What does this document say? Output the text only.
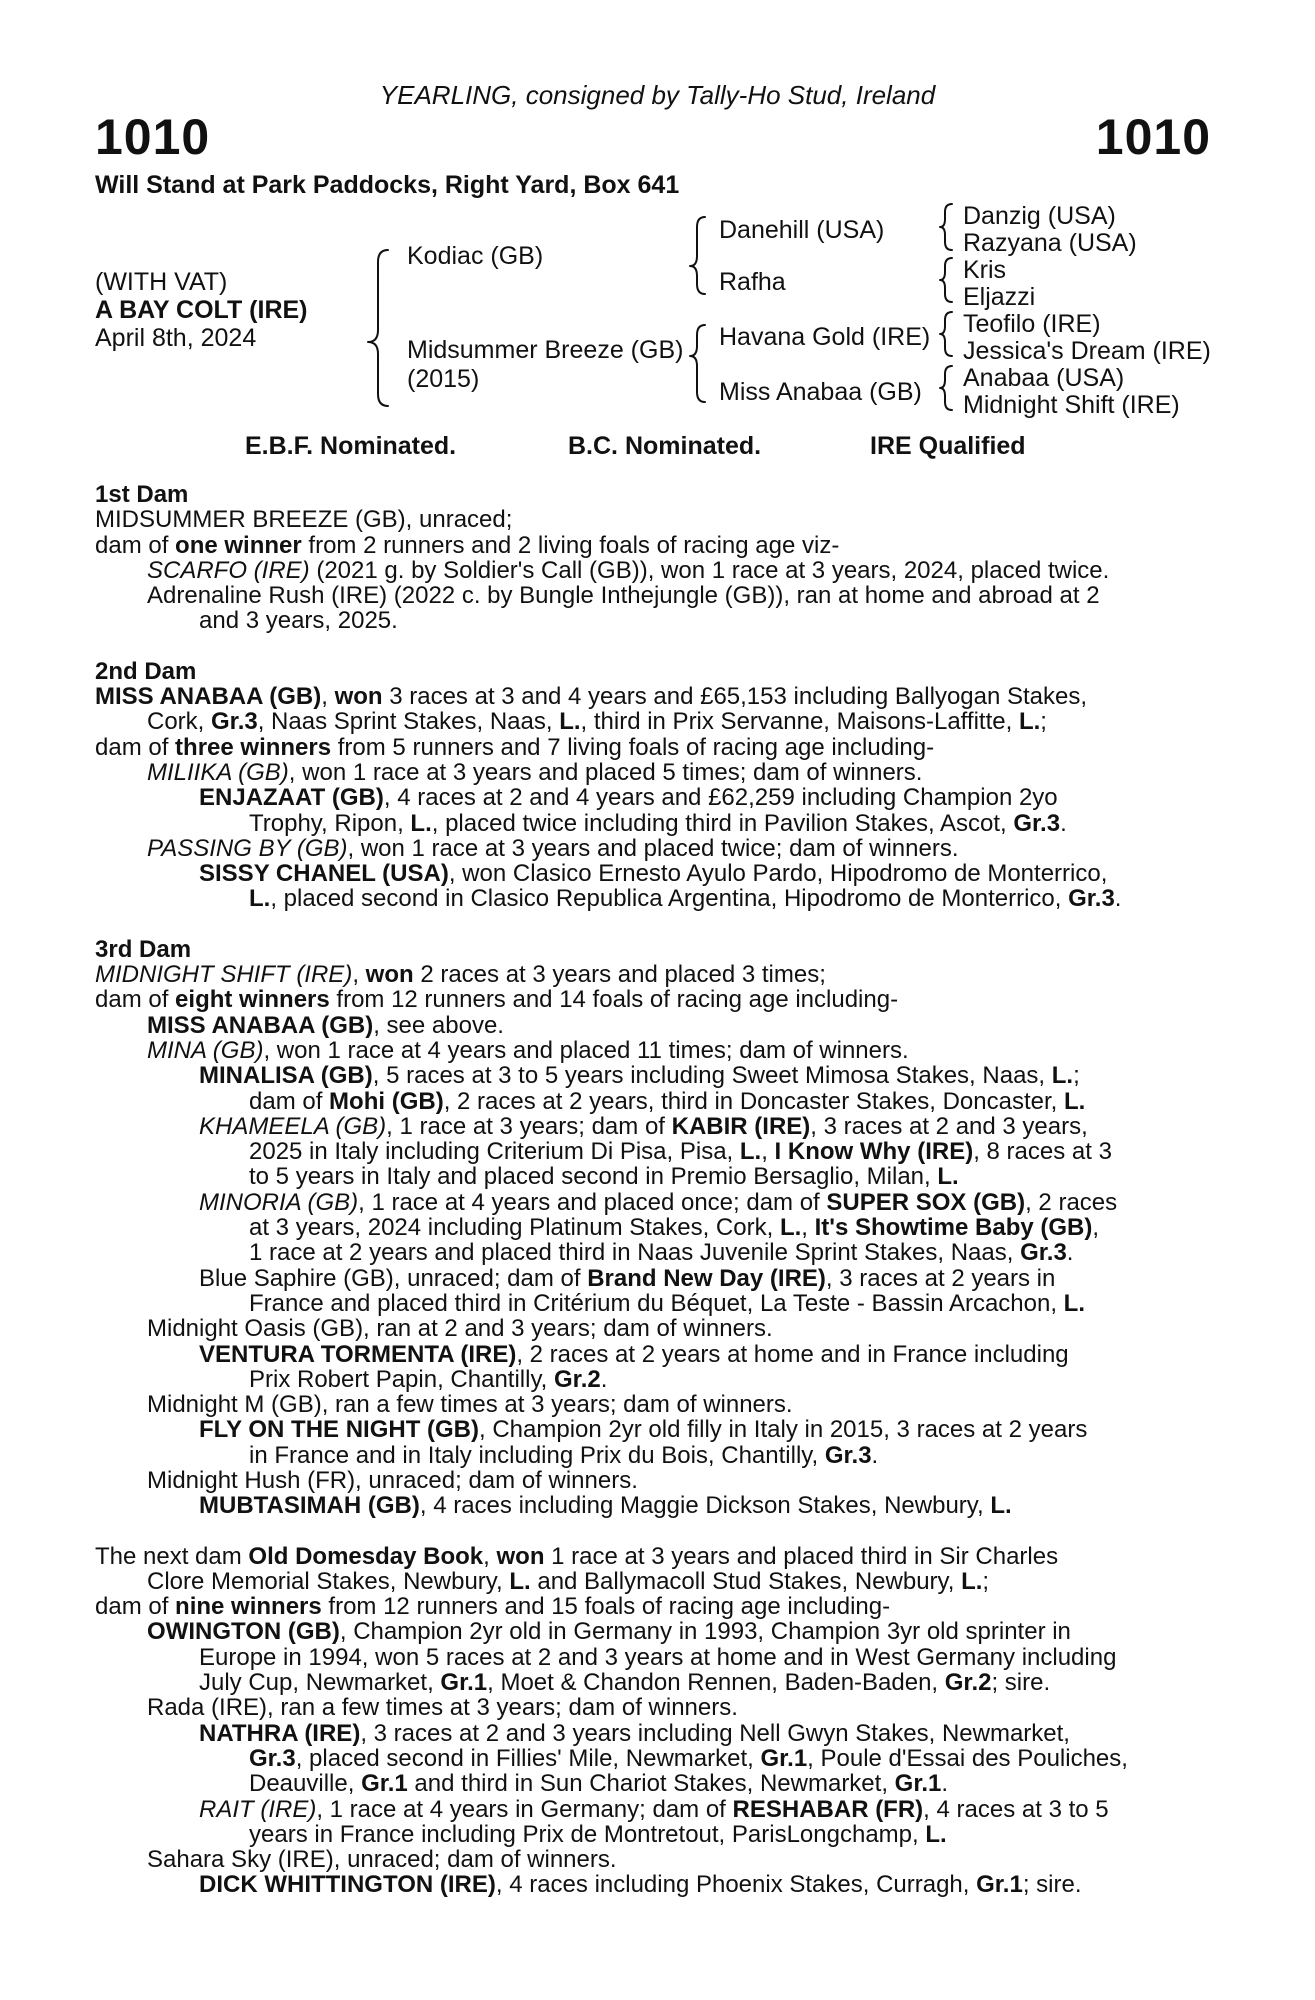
YEARLING, consigned by Tally-Ho Stud, Ireland
1010	1010
Will Stand at Park Paddocks, Right Yard, Box 641
(WITH VAT)
A BAY COLT (IRE)
April 8th, 2024
Kodiac (GB)
Midsummer Breeze (GB)
(2015)
Danehill (USA)
Rafha
Havana Gold (IRE)
Miss Anabaa (GB)
Danzig (USA)
Razyana (USA)
Kris
Eljazzi
Teofilo (IRE)
Jessica's Dream (IRE)
Anabaa (USA)
Midnight Shift (IRE)
E.B.F. Nominated.	B.C. Nominated.	IRE Qualified
1st Dam
MIDSUMMER BREEZE (GB), unraced;
dam of one winner from 2 runners and 2 living foals of racing age viz-
SCARFO (IRE) (2021 g. by Soldier's Call (GB)), won 1 race at 3 years, 2024, placed twice.
Adrenaline Rush (IRE) (2022 c. by Bungle Inthejungle (GB)), ran at home and abroad at 2
and 3 years, 2025.
2nd Dam
MISS ANABAA (GB), won 3 races at 3 and 4 years and £65,153 including Ballyogan Stakes,
Cork, Gr.3, Naas Sprint Stakes, Naas, L., third in Prix Servanne, Maisons-Laffitte, L.;
dam of three winners from 5 runners and 7 living foals of racing age including-
MILIIKA (GB), won 1 race at 3 years and placed 5 times; dam of winners.
ENJAZAAT (GB), 4 races at 2 and 4 years and £62,259 including Champion 2yo
Trophy, Ripon, L., placed twice including third in Pavilion Stakes, Ascot, Gr.3.
PASSING BY (GB), won 1 race at 3 years and placed twice; dam of winners.
SISSY CHANEL (USA), won Clasico Ernesto Ayulo Pardo, Hipodromo de Monterrico,
L., placed second in Clasico Republica Argentina, Hipodromo de Monterrico, Gr.3.
3rd Dam
MIDNIGHT SHIFT (IRE), won 2 races at 3 years and placed 3 times;
dam of eight winners from 12 runners and 14 foals of racing age including-
MISS ANABAA (GB), see above.
MINA (GB), won 1 race at 4 years and placed 11 times; dam of winners.
MINALISA (GB), 5 races at 3 to 5 years including Sweet Mimosa Stakes, Naas, L.;
dam of Mohi (GB), 2 races at 2 years, third in Doncaster Stakes, Doncaster, L.
KHAMEELA (GB), 1 race at 3 years; dam of KABIR (IRE), 3 races at 2 and 3 years,
2025 in Italy including Criterium Di Pisa, Pisa, L., I Know Why (IRE), 8 races at 3
to 5 years in Italy and placed second in Premio Bersaglio, Milan, L.
MINORIA (GB), 1 race at 4 years and placed once; dam of SUPER SOX (GB), 2 races
at 3 years, 2024 including Platinum Stakes, Cork, L., It's Showtime Baby (GB),
1 race at 2 years and placed third in Naas Juvenile Sprint Stakes, Naas, Gr.3.
Blue Saphire (GB), unraced; dam of Brand New Day (IRE), 3 races at 2 years in
France and placed third in Critérium du Béquet, La Teste - Bassin Arcachon, L.
Midnight Oasis (GB), ran at 2 and 3 years; dam of winners.
VENTURA TORMENTA (IRE), 2 races at 2 years at home and in France including
Prix Robert Papin, Chantilly, Gr.2.
Midnight M (GB), ran a few times at 3 years; dam of winners.
FLY ON THE NIGHT (GB), Champion 2yr old filly in Italy in 2015, 3 races at 2 years
in France and in Italy including Prix du Bois, Chantilly, Gr.3.
Midnight Hush (FR), unraced; dam of winners.
MUBTASIMAH (GB), 4 races including Maggie Dickson Stakes, Newbury, L.
The next dam Old Domesday Book, won 1 race at 3 years and placed third in Sir Charles
Clore Memorial Stakes, Newbury, L. and Ballymacoll Stud Stakes, Newbury, L.;
dam of nine winners from 12 runners and 15 foals of racing age including-
OWINGTON (GB), Champion 2yr old in Germany in 1993, Champion 3yr old sprinter in
Europe in 1994, won 5 races at 2 and 3 years at home and in West Germany including
July Cup, Newmarket, Gr.1, Moet & Chandon Rennen, Baden-Baden, Gr.2; sire.
Rada (IRE), ran a few times at 3 years; dam of winners.
NATHRA (IRE), 3 races at 2 and 3 years including Nell Gwyn Stakes, Newmarket,
Gr.3, placed second in Fillies' Mile, Newmarket, Gr.1, Poule d'Essai des Pouliches,
Deauville, Gr.1 and third in Sun Chariot Stakes, Newmarket, Gr.1.
RAIT (IRE), 1 race at 4 years in Germany; dam of RESHABAR (FR), 4 races at 3 to 5
years in France including Prix de Montretout, ParisLongchamp, L.
Sahara Sky (IRE), unraced; dam of winners.
DICK WHITTINGTON (IRE), 4 races including Phoenix Stakes, Curragh, Gr.1; sire.
